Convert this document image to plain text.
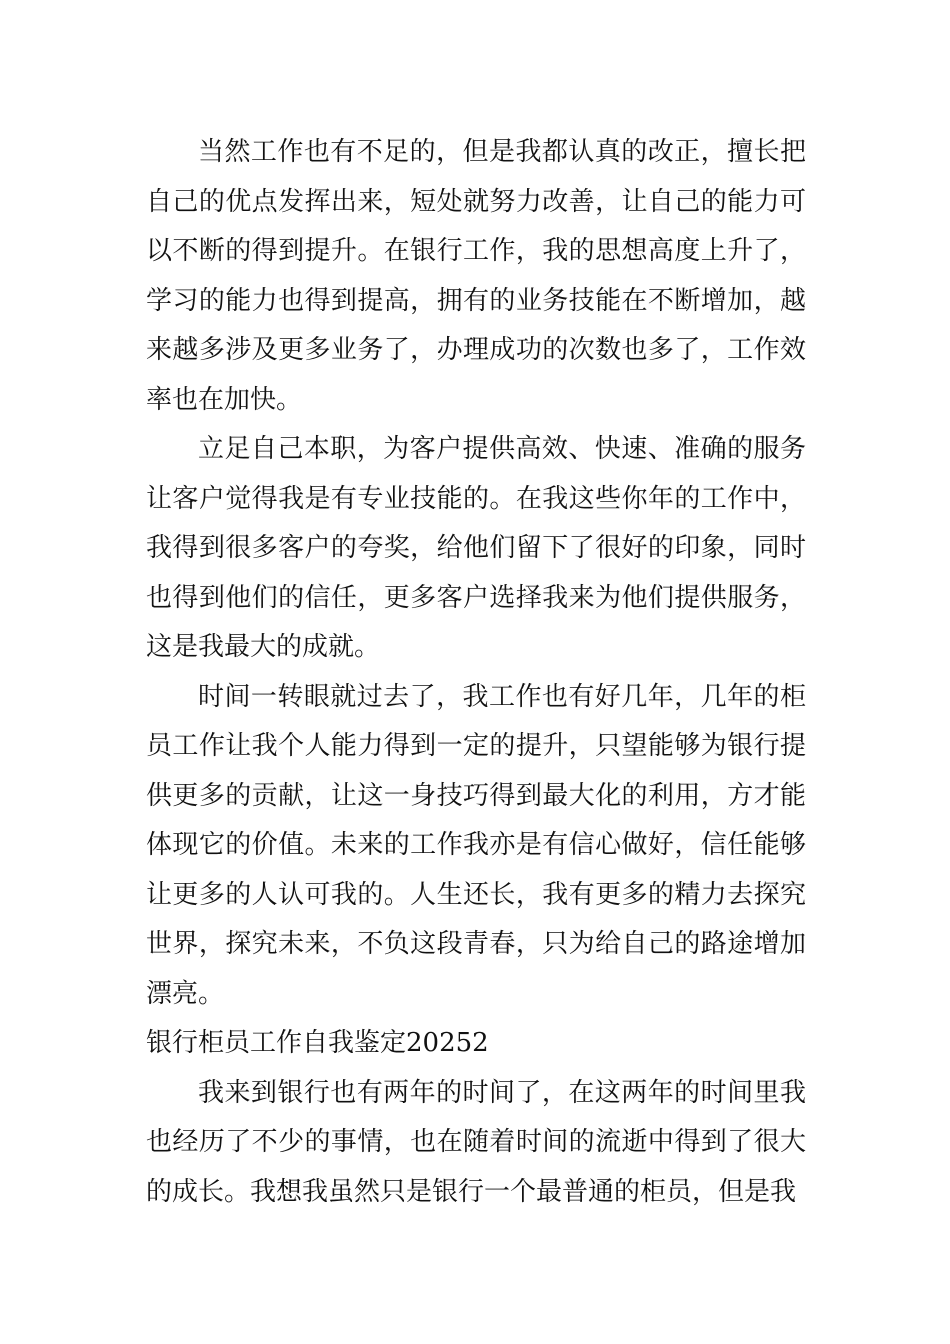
当然工作也有不足的，但是我都认真的改正，擅长把自己的优点发挥出来，短处就努力改善，让自己的能力可以不断的得到提升。在银行工作，我的思想高度上升了，学习的能力也得到提高，拥有的业务技能在不断增加，越来越多涉及更多业务了，办理成功的次数也多了，工作效率也在加快。

立足自己本职，为客户提供高效、快速、准确的服务让客户觉得我是有专业技能的。在我这些你年的工作中，我得到很多客户的夸奖，给他们留下了很好的印象，同时也得到他们的信任，更多客户选择我来为他们提供服务，这是我最大的成就。

时间一转眼就过去了，我工作也有好几年，几年的柜员工作让我个人能力得到一定的提升，只望能够为银行提供更多的贡献，让这一身技巧得到最大化的利用，方才能体现它的价值。未来的工作我亦是有信心做好，信任能够让更多的人认可我的。人生还长，我有更多的精力去探究世界，探究未来，不负这段青春，只为给自己的路途增加漂亮。

银行柜员工作自我鉴定20252

我来到银行也有两年的时间了，在这两年的时间里我也经历了不少的事情，也在随着时间的流逝中得到了很大的成长。我想我虽然只是银行一个最普通的柜员，但是我
